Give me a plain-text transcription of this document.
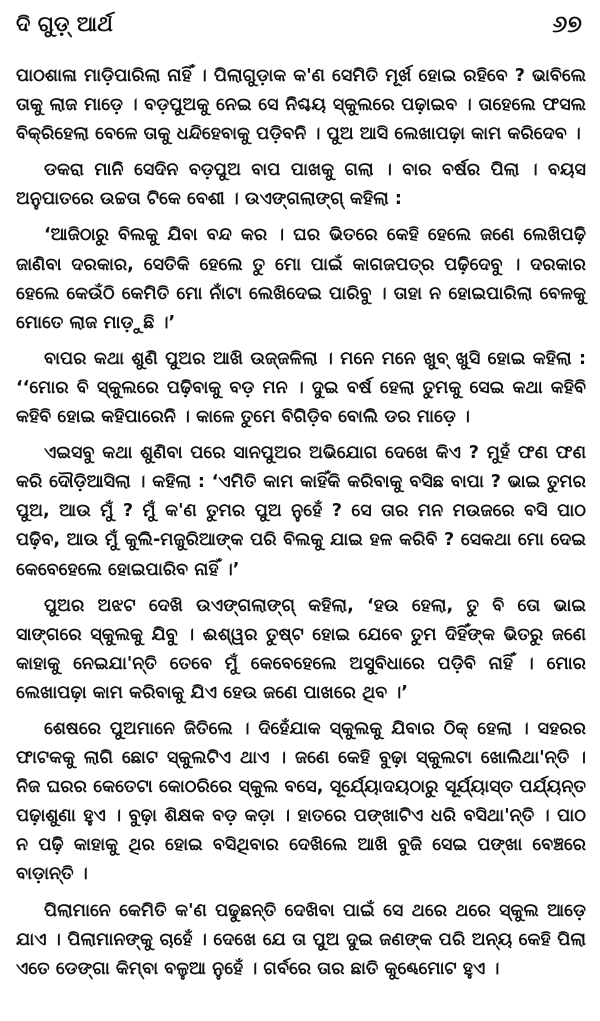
ଦି ଗୁଡ଼୍ ଆର୍ଥ	୬୭

ପାଠଶାଳା ମାଡ଼ିପାରିଲା ନାହିଁ । ପିଲାଗୁଡ଼ାକ କ'ଣ ସେମିତି ମୂର୍ଖ ହୋଇ ରହିବେ ? ଭାବିଲେ ତାକୁ ଲାଜ ମାଡ଼େ । ବଡ଼ପୁଅକୁ ନେଇ ସେ ନିଶ୍ଚୟ ସ୍କୁଲରେ ପଢ଼ାଇବ । ତାହେଲେ ଫସଲ ବିକ୍ରିହେଲା ବେଳେ ତାକୁ ଧନ୍ଦିହେବାକୁ ପଡ଼ିବନି । ପୁଅ ଆସି ଲେଖାପଢ଼ା କାମ କରିଦେବ ।

ଡକରା ମାନି ସେଦିନ ବଡ଼ପୁଅ ବାପ ପାଖକୁ ଗଲା । ବାର ବର୍ଷର ପିଲା । ବୟସ ଅନୁପାତରେ ଉଚ୍ଚତା ଟିକେ ବେଶୀ । ଉଏଙ୍ଗଲାଙ୍ଗ୍ କହିଲା :

‘ଆଜିଠାରୁ ବିଲକୁ ଯିବା ବନ୍ଦ କର । ଘର ଭିତରେ କେହି ହେଲେ ଜଣେ ଲେଖିପଢ଼ି ଜାଣିବା ଦରକାର, ସେତିକି ହେଲେ ତୁ ମୋ ପାଇଁ କାଗଜପତ୍ର ପଢ଼ିଦେବୁ । ଦରକାର ହେଲେ କେଉଁଠି କେମିତି ମୋ ନାଁଟା ଲେଖିଦେଇ ପାରିବୁ । ତାହା ନ ହୋଇପାରିଲା ବେଳକୁ ମୋତେ ଲାଜ ମାଡ଼ୁଛି ।’

ବାପର କଥା ଶୁଣି ପୁଅର ଆଖି ଉଜ୍ଜଳିଲା । ମନେ ମନେ ଖୁବ୍ ଖୁସି ହୋଇ କହିଲା : ‘‘ମୋର ବି ସ୍କୁଲରେ ପଢ଼ିବାକୁ ବଡ଼ ମନ । ଦୁଇ ବର୍ଷ ହେଲା ତୁମକୁ ସେଇ କଥା କହିବି କହିବି ହୋଇ କହିପାରେନି । କାଳେ ତୁମେ ବିଗିଡ଼ିବ ବୋଲି ଡର ମାଡ଼େ ।

ଏଇସବୁ କଥା ଶୁଣିବା ପରେ ସାନପୁଅର ଅଭିଯୋଗ ଦେଖେ କିଏ ? ମୁହଁ ଫଣ ଫଣ କରି ଦୌଡ଼ିଆସିଲା । କହିଲା : ‘ଏମିତି କାମ କାହିଁକି କରିବାକୁ ବସିଛ ବାପା ? ଭାଇ ତୁମର ପୁଅ, ଆଉ ମୁଁ ? ମୁଁ କ'ଣ ତୁମର ପୁଅ ନୁହେଁ ? ସେ ତାର ମନ ମଉଜରେ ବସି ପାଠ ପଢ଼ିବ, ଆଉ ମୁଁ କୁଲି-ମଜୁରିଆଙ୍କ ପରି ବିଲକୁ ଯାଇ ହଳ କରିବି ? ସେକଥା ମୋ ଦେଇ କେବେହେଲେ ହୋଇପାରିବ ନାହିଁ ।’

ପୁଅର ଅଝଟ ଦେଖି ଉଏଙ୍ଗଲାଙ୍ଗ୍ କହିଲା, ‘ହଉ ହେଲା, ତୁ ବି ତୋ ଭାଇ ସାଙ୍ଗରେ ସ୍କୁଲକୁ ଯିବୁ । ଈଶ୍ୱର ତୁଷ୍ଟ ହୋଇ ଯେବେ ତୁମ ଦିହିଁଙ୍କ ଭିତରୁ ଜଣେ କାହାକୁ ନେଇଯା'ନ୍ତି ତେବେ ମୁଁ କେବେହେଲେ ଅସୁବିଧାରେ ପଡ଼ିବି ନାହିଁ । ମୋର ଲେଖାପଢ଼ା କାମ କରିବାକୁ ଯିଏ ହେଉ ଜଣେ ପାଖରେ ଥିବ ।’

ଶେଷରେ ପୁଅମାନେ ଜିତିଲେ । ଦିହେଁଯାକ ସ୍କୁଲକୁ ଯିବାର ଠିକ୍ ହେଲା । ସହରର ଫାଟକକୁ ଲାଗି ଛୋଟ ସ୍କୁଲଟିଏ ଥାଏ । ଜଣେ କେହି ବୁଢ଼ା ସ୍କୁଲଟା ଖୋଲିଥା'ନ୍ତି । ନିଜ ଘରର କେତେଟା କୋଠରିରେ ସ୍କୁଲ ବସେ, ସୂର୍ଯ୍ୟୋଦୟଠାରୁ ସୂର୍ଯ୍ୟାସ୍ତ ପର୍ଯ୍ୟନ୍ତ ପଢ଼ାଶୁଣା ହୁଏ । ବୁଢ଼ା ଶିକ୍ଷକ ବଡ଼ କଡ଼ା । ହାତରେ ପଙ୍ଖାଟିଏ ଧରି ବସିଥା'ନ୍ତି । ପାଠ ନ ପଢ଼ି କାହାକୁ ଥିର ହୋଇ ବସିଥିବାର ଦେଖିଲେ ଆଖି ବୁଜି ସେଇ ପଙ୍ଖା ବେଞ୍ଚରେ ବାଡ଼ାନ୍ତି ।

ପିଲାମାନେ କେମିତି କ'ଣ ପଢୁଛନ୍ତି ଦେଖିବା ପାଇଁ ସେ ଥରେ ଥରେ ସ୍କୁଲ ଆଡ଼େ ଯାଏ । ପିଲାମାନଙ୍କୁ ଚାହେଁ । ଦେଖେ ଯେ ତା ପୁଅ ଦୁଇ ଜଣଙ୍କ ପରି ଅନ୍ୟ କେହି ପିଲା ଏତେ ଡେଙ୍ଗା କିମ୍ବା ବଳୁଆ ନୁହେଁ । ଗର୍ବରେ ତାର ଛାତି କୁଣ୍ଢେମୋଟ ହୁଏ ।
